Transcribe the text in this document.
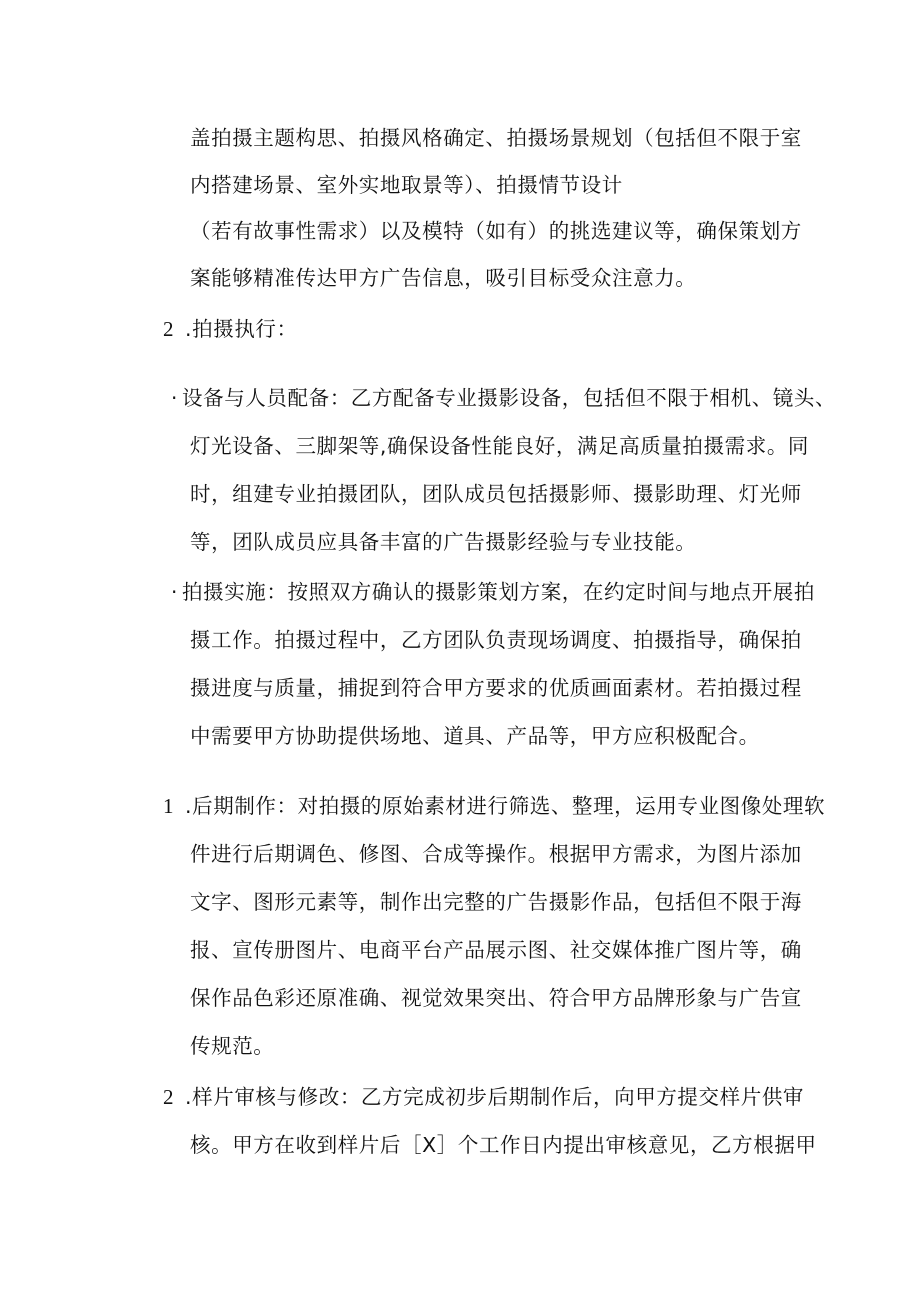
盖拍摄主题构思、拍摄风格确定、拍摄场景规划（包括但不限于室
内搭建场景、室外实地取景等）、拍摄情节设计
（若有故事性需求）以及模特（如有）的挑选建议等，确保策划方
案能够精准传达甲方广告信息，吸引目标受众注意力。
2 .拍摄执行：
· 设备与人员配备：乙方配备专业摄影设备，包括但不限于相机、镜头、
灯光设备、三脚架等,确保设备性能良好，满足高质量拍摄需求。同
时，组建专业拍摄团队，团队成员包括摄影师、摄影助理、灯光师
等，团队成员应具备丰富的广告摄影经验与专业技能。
· 拍摄实施：按照双方确认的摄影策划方案，在约定时间与地点开展拍
摄工作。拍摄过程中，乙方团队负责现场调度、拍摄指导，确保拍
摄进度与质量，捕捉到符合甲方要求的优质画面素材。若拍摄过程
中需要甲方协助提供场地、道具、产品等，甲方应积极配合。
1 .后期制作：对拍摄的原始素材进行筛选、整理，运用专业图像处理软
件进行后期调色、修图、合成等操作。根据甲方需求，为图片添加
文字、图形元素等，制作出完整的广告摄影作品，包括但不限于海
报、宣传册图片、电商平台产品展示图、社交媒体推广图片等，确
保作品色彩还原准确、视觉效果突出、符合甲方品牌形象与广告宣
传规范。
2 .样片审核与修改：乙方完成初步后期制作后，向甲方提交样片供审
核。甲方在收到样片后［X］个工作日内提出审核意见，乙方根据甲
